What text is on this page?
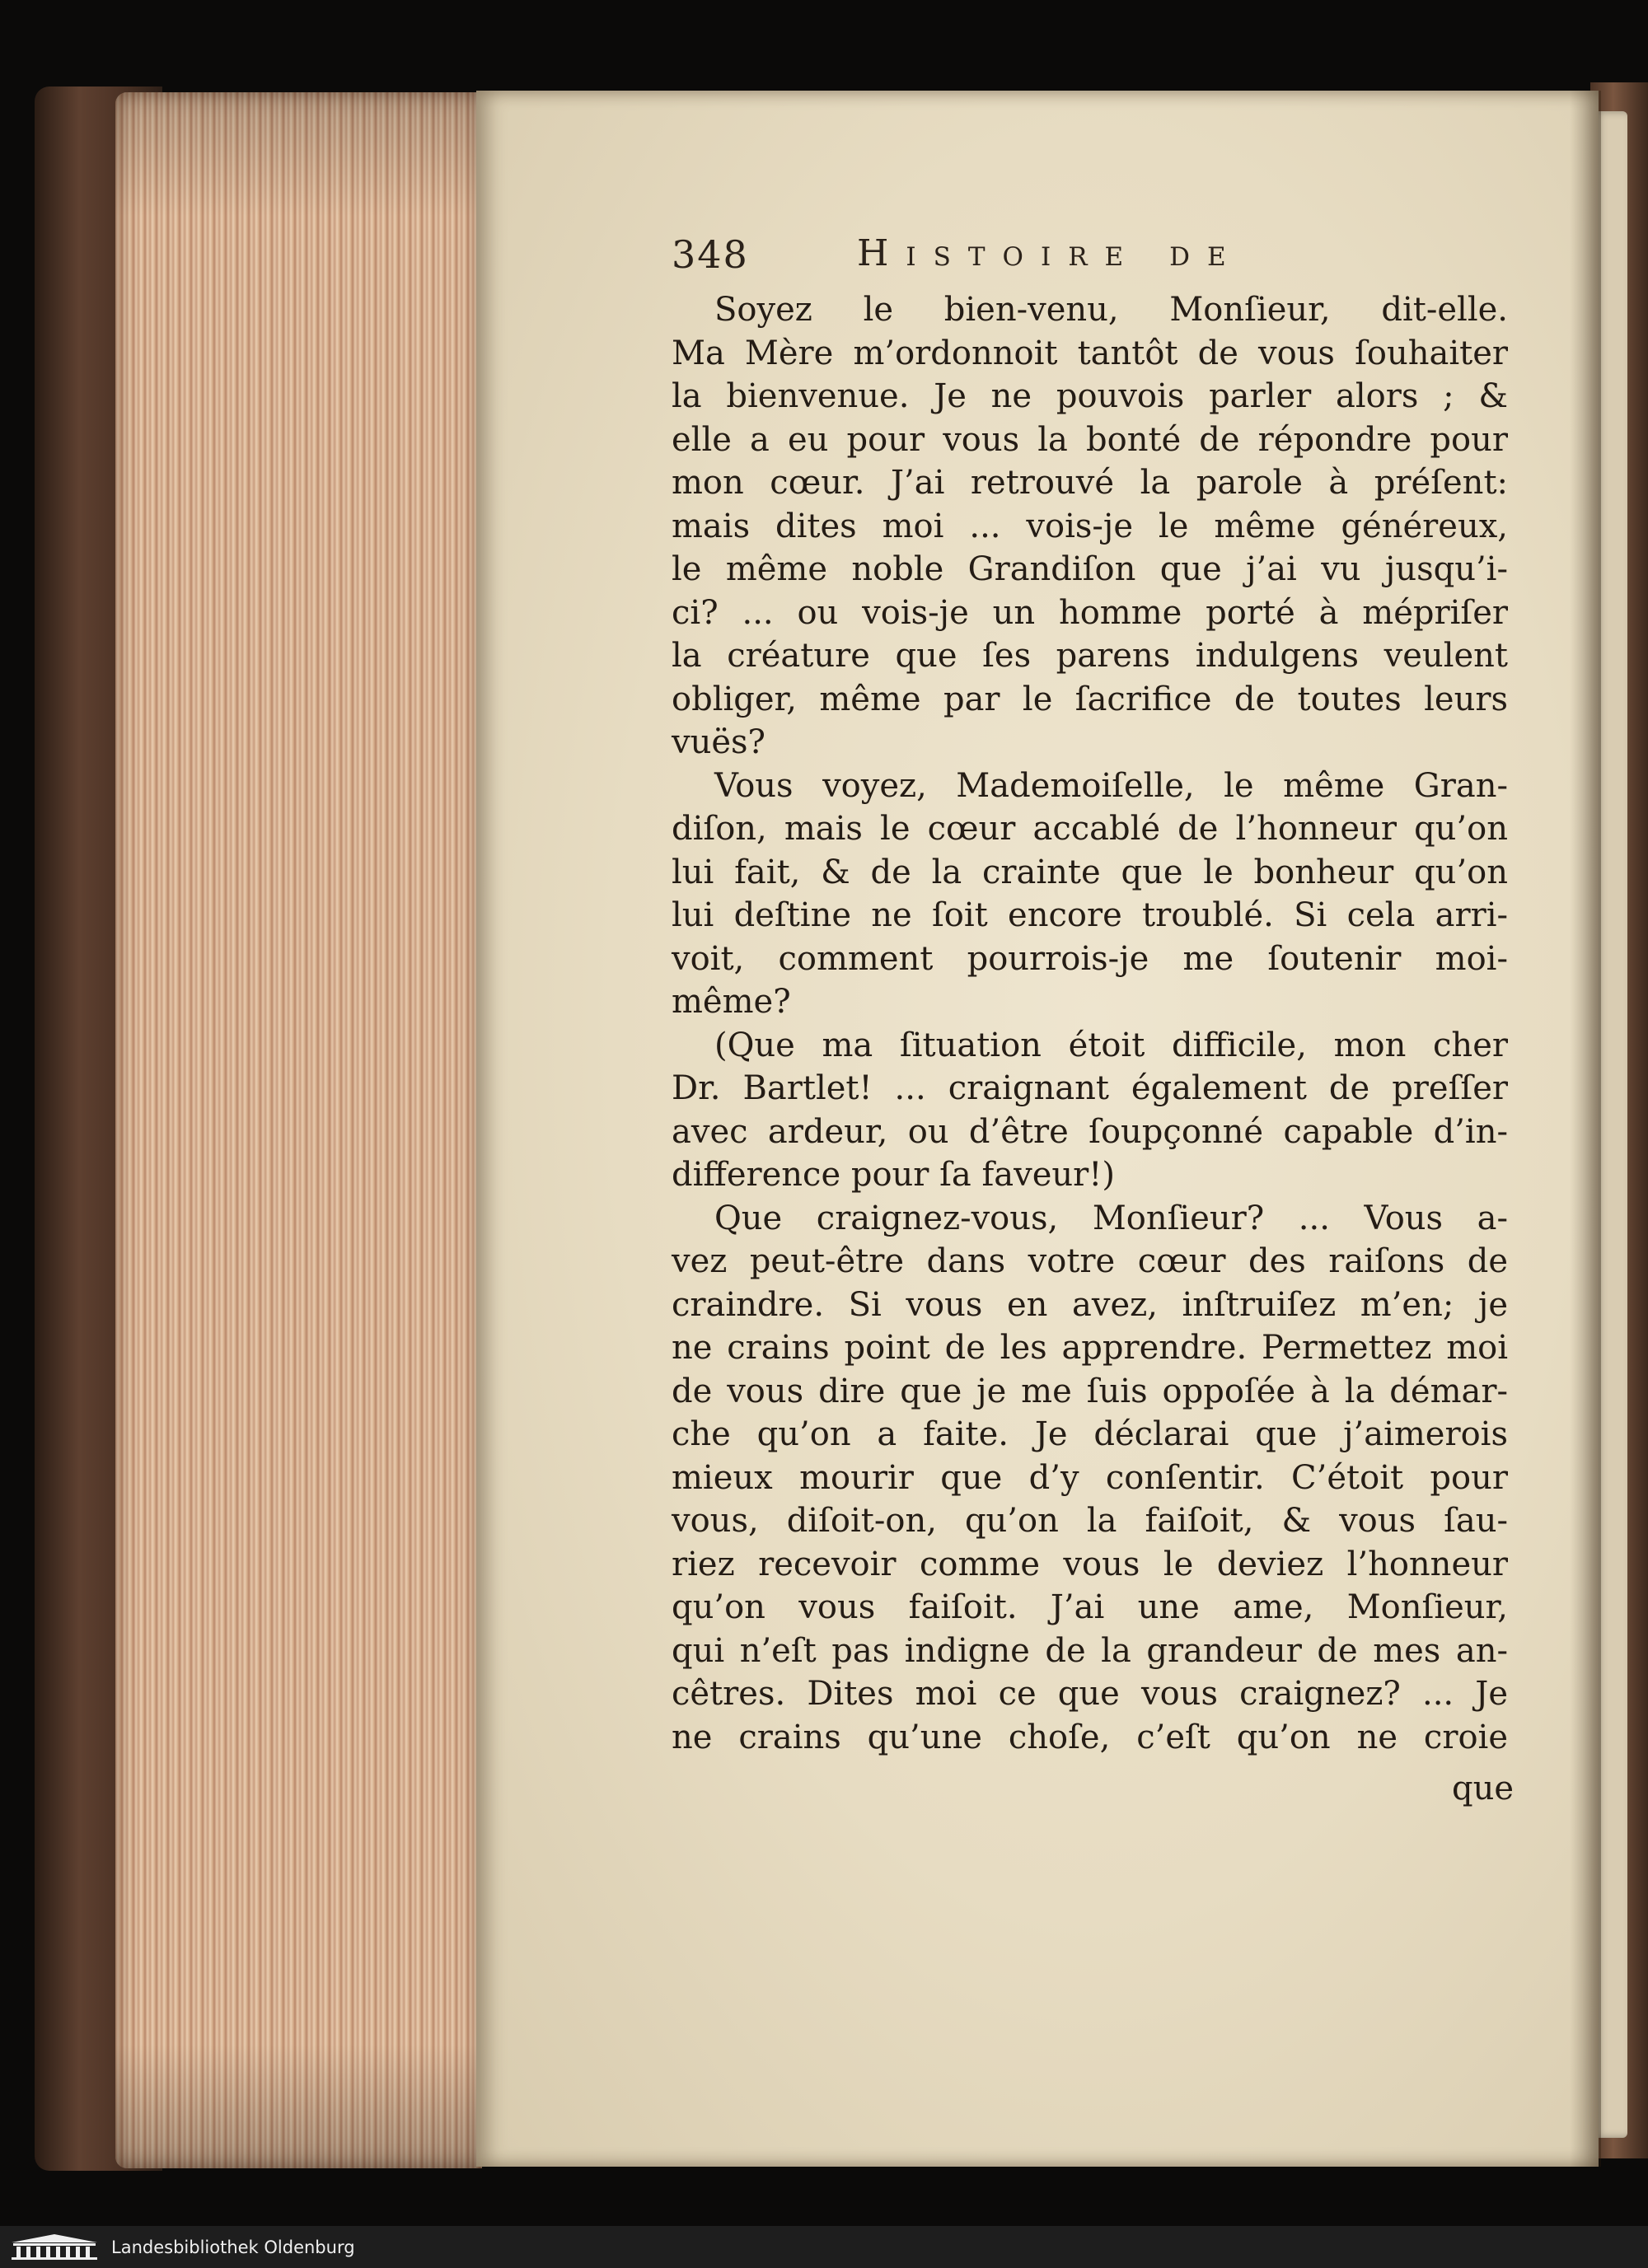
348	Histoire de
Soyez le bien-venu, Monſieur, dit-elle.
Ma Mère m’ordonnoit tantôt de vous ſouhaiter
la bienvenue. Je ne pouvois parler alors ; &
elle a eu pour vous la bonté de répondre pour
mon cœur. J’ai retrouvé la parole à préſent:
mais dites moi ... vois-je le même généreux,
le même noble Grandiſon que j’ai vu jusqu’i-
ci? ... ou vois-je un homme porté à mépriſer
la créature que ſes parens indulgens veulent
obliger, même par le ſacrifice de toutes leurs
vuës?
Vous voyez, Mademoiſelle, le même Gran-
diſon, mais le cœur accablé de l’honneur qu’on
lui fait, & de la crainte que le bonheur qu’on
lui deſtine ne ſoit encore troublé. Si cela arri-
voit, comment pourrois-je me ſoutenir moi-
même?
(Que ma ſituation étoit difficile, mon cher
Dr. Bartlet! ... craignant également de preſſer
avec ardeur, ou d’être ſoupçonné capable d’in-
difference pour ſa faveur!)
Que craignez-vous, Monſieur? ... Vous a-
vez peut-être dans votre cœur des raiſons de
craindre. Si vous en avez, inſtruiſez m’en; je
ne crains point de les apprendre. Permettez moi
de vous dire que je me ſuis oppoſée à la démar-
che qu’on a faite. Je déclarai que j’aimerois
mieux mourir que d’y conſentir. C’étoit pour
vous, diſoit-on, qu’on la faiſoit, & vous ſau-
riez recevoir comme vous le deviez l’honneur
qu’on vous faiſoit. J’ai une ame, Monſieur,
qui n’eſt pas indigne de la grandeur de mes an-
cêtres. Dites moi ce que vous craignez? ... Je
ne crains qu’une choſe, c’eſt qu’on ne croie
que
Landesbibliothek Oldenburg
